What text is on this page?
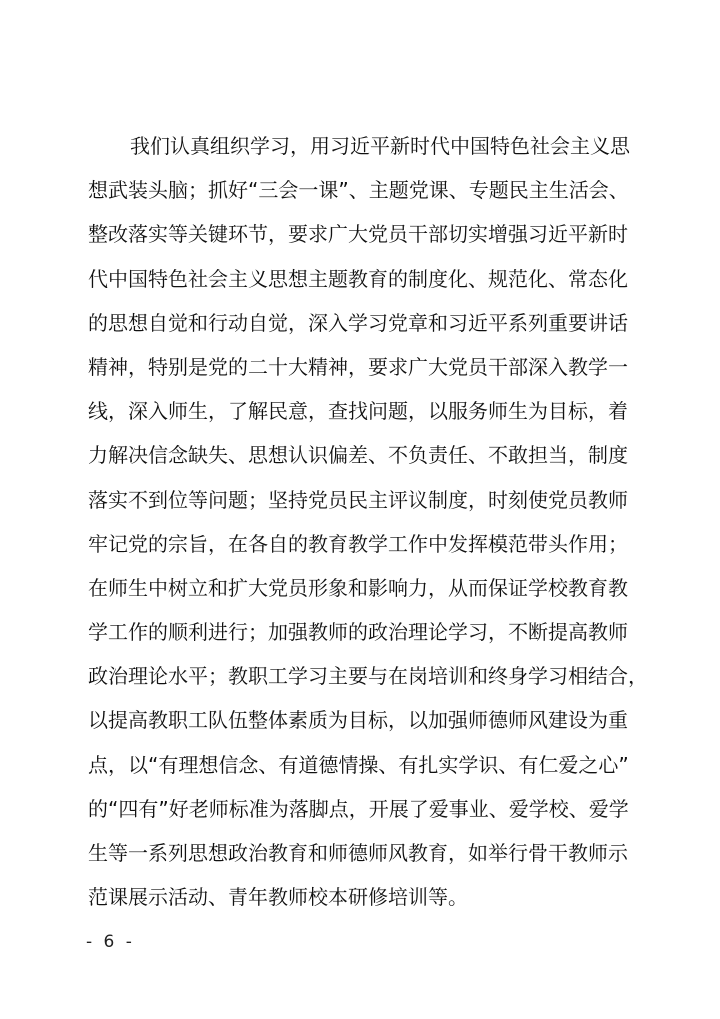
我们认真组织学习，用习近平新时代中国特色社会主义思
想武装头脑；抓好“三会一课”、主题党课、专题民主生活会、
整改落实等关键环节，要求广大党员干部切实增强习近平新时
代中国特色社会主义思想主题教育的制度化、规范化、常态化
的思想自觉和行动自觉，深入学习党章和习近平系列重要讲话
精神，特别是党的二十大精神，要求广大党员干部深入教学一
线，深入师生，了解民意，查找问题，以服务师生为目标，着
力解决信念缺失、思想认识偏差、不负责任、不敢担当，制度
落实不到位等问题；坚持党员民主评议制度，时刻使党员教师
牢记党的宗旨，在各自的教育教学工作中发挥模范带头作用；
在师生中树立和扩大党员形象和影响力，从而保证学校教育教
学工作的顺利进行；加强教师的政治理论学习，不断提高教师
政治理论水平；教职工学习主要与在岗培训和终身学习相结合，
以提高教职工队伍整体素质为目标，以加强师德师风建设为重
点，以“有理想信念、有道德情操、有扎实学识、有仁爱之心”
的“四有”好老师标准为落脚点，开展了爱事业、爱学校、爱学
生等一系列思想政治教育和师德师风教育，如举行骨干教师示
范课展示活动、青年教师校本研修培训等。
- 6 -
